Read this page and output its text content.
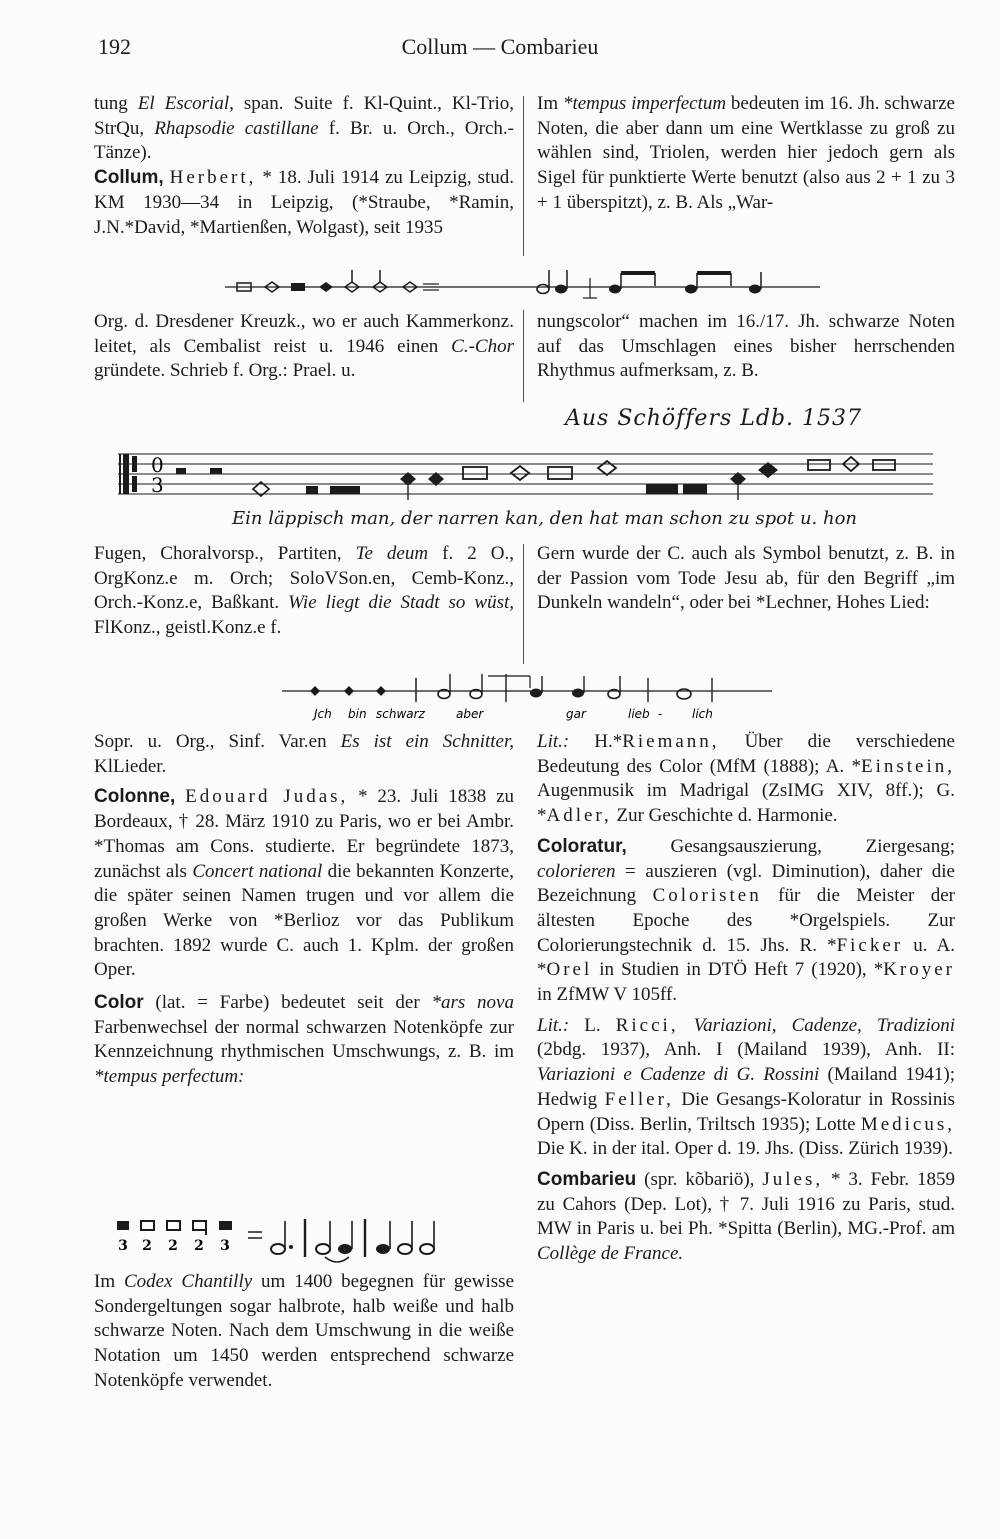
192	Collum — Combarieu

tung El Escorial, span. Suite f. Kl-Quint., Kl-Trio, StrQu, Rhapsodie castillane f. Br. u. Orch., Orch.-Tänze).

Collum, Herbert, * 18. Juli 1914 zu Leipzig, stud. KM 1930—34 in Leipzig, (*Straube, *Ramin, J.N.*David, *Martienßen, Wolgast), seit 1935

Org. d. Dresdener Kreuzk., wo er auch Kammerkonz. leitet, als Cembalist reist u. 1946 einen C.-Chor gründete. Schrieb f. Org.: Prael. u.

Fugen, Choralvorsp., Partiten, Te deum f. 2 O., OrgKonz.e m. Orch; SoloVSon.en, Cemb-Konz., Orch.-Konz.e, Baßkant. Wie liegt die Stadt so wüst, FlKonz., geistl.Konz.e f.

Sopr. u. Org., Sinf. Var.en Es ist ein Schnitter, KlLieder.

Colonne, Edouard Judas, * 23. Juli 1838 zu Bordeaux, † 28. März 1910 zu Paris, wo er bei Ambr. *Thomas am Cons. studierte. Er begründete 1873, zunächst als Concert national die bekannten Konzerte, die später seinen Namen trugen und vor allem die großen Werke von *Berlioz vor das Publikum brachten. 1892 wurde C. auch 1. Kplm. der großen Oper.

Color (lat. = Farbe) bedeutet seit der *ars nova Farbenwechsel der normal schwarzen Notenköpfe zur Kennzeichnung rhythmischen Umschwungs, z. B. im *tempus perfectum:

3 2 2 2 3

Im Codex Chantilly um 1400 begegnen für gewisse Sondergeltungen sogar halbrote, halb weiße und halb schwarze Noten. Nach dem Umschwung in die weiße Notation um 1450 werden entsprechend schwarze Notenköpfe verwendet.

Im *tempus imperfectum bedeuten im 16. Jh. schwarze Noten, die aber dann um eine Wertklasse zu groß zu wählen sind, Triolen, werden hier jedoch gern als Sigel für punktierte Werte benutzt (also aus 2 + 1 zu 3 + 1 überspitzt), z. B. Als „War-

nungscolor“ machen im 16./17. Jh. schwarze Noten auf das Umschlagen eines bisher herrschenden Rhythmus aufmerksam, z. B.

Aus Schöffers Ldb. 1537
0
3
Ein läppisch man, der narren kan, den hat man schon zu spot u. hon

Gern wurde der C. auch als Symbol benutzt, z. B. in der Passion vom Tode Jesu ab, für den Begriff „im Dunkeln wandeln“, oder bei *Lechner, Hohes Lied:

Jch bin schwarz	aber	gar	lieb - lich

Lit.: H.*Riemann, Über die verschiedene Bedeutung des Color (MfM (1888); A. *Einstein, Augenmusik im Madrigal (ZsIMG XIV, 8ff.); G. *Adler, Zur Geschichte d. Harmonie.

Coloratur, Gesangsauszierung, Ziergesang; colorieren = auszieren (vgl. Diminution), daher die Bezeichnung Coloristen für die Meister der ältesten Epoche des *Orgelspiels. Zur Colorierungstechnik d. 15. Jhs. R. *Ficker u. A. *Orel in Studien in DTÖ Heft 7 (1920), *Kroyer in ZfMW V 105ff.

Lit.: L. Ricci, Variazioni, Cadenze, Tradizioni (2bdg. 1937), Anh. I (Mailand 1939), Anh. II: Variazioni e Cadenze di G. Rossini (Mailand 1941); Hedwig Feller, Die Gesangs-Koloratur in Rossinis Opern (Diss. Berlin, Triltsch 1935); Lotte Medicus, Die K. in der ital. Oper d. 19. Jhs. (Diss. Zürich 1939).

Combarieu (spr. kõbariö), Jules, * 3. Febr. 1859 zu Cahors (Dep. Lot), † 7. Juli 1916 zu Paris, stud. MW in Paris u. bei Ph. *Spitta (Berlin), MG.-Prof. am Collège de France.
